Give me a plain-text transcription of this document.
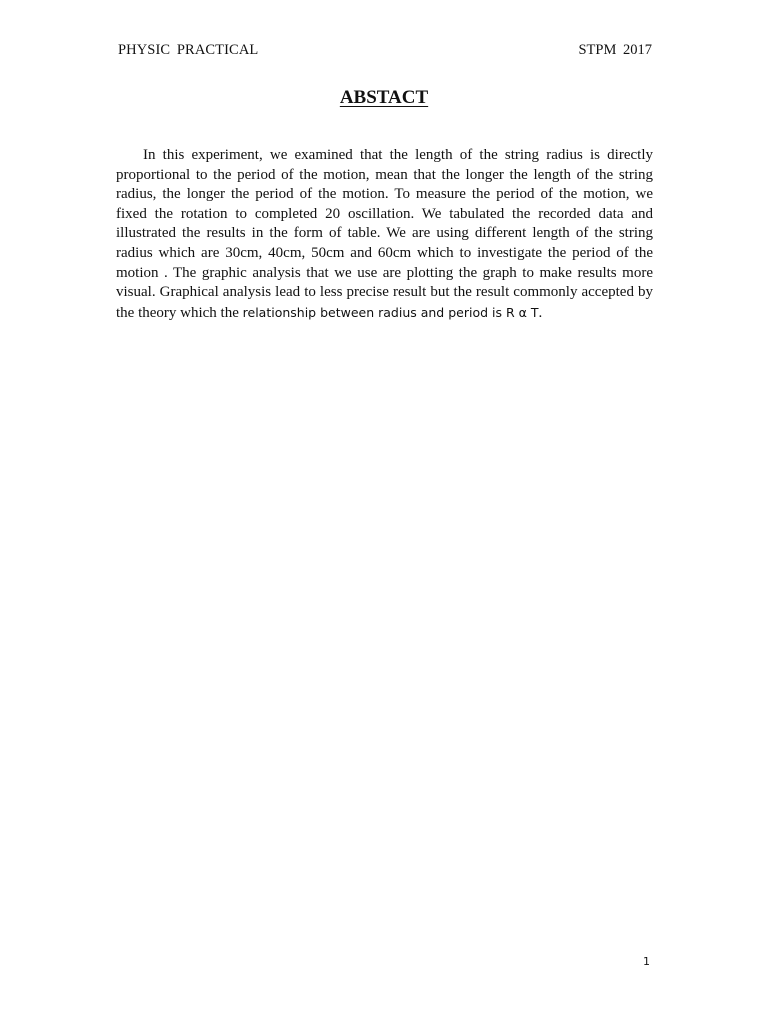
PHYSIC PRACTICAL	STPM 2017
ABSTACT

In this experiment, we examined that the length of the string radius is directly proportional to the period of the motion, mean that the longer the length of the string radius, the longer the period of the motion. To measure the period of the motion, we fixed the rotation to completed 20 oscillation. We tabulated the recorded data and illustrated the results in the form of table. We are using different length of the string radius which are 30cm, 40cm, 50cm and 60cm which to investigate the period of the motion . The graphic analysis that we use are plotting the graph to make results more visual. Graphical analysis lead to less precise result but the result commonly accepted by the theory which the relationship between radius and period is R α T.

1
